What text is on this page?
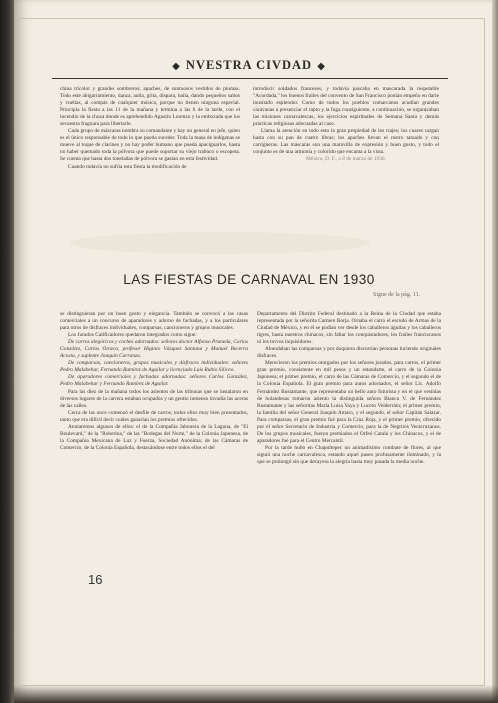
◆ NVESTRA CIVDAD ◆

china tricolor y grandes sombreros; apaches, de suntuosos vestidos de plumas. Todo este abigarramiento, danza, aulla, grita, dispara, baila, dando pequeños saltos y vueltas, al compás de cualquier música, porque no tienen ninguna especial. Principia la fiesta a las 11 de la mañana y termina a las 6 de la tarde, con el incendio de la choza donde es aprehendido Agustín Lorenzo y la embozada que los secuestra fraguara para libertarle.

Cada grupo de máscaras nombra su comandante y hay un general en jefe, quien es el único responsable de todo lo que pueda suceder. Toda la masa de indígenas se mueve al toque de clarines y no hay poder humano que pueda apaciguarlos, hasta no haber quemado toda la pólvora que puede soportar su viejo trabuco o escopeta. Se cuenta que hasta dos toneladas de pólvora se gastan en esta festividad.

Cuando todavía no sufría esta fiesta la modificación de

introducir soldados franceses, y todavía pascaba en mascarada la respetable "Acordada," los buenos frailes del convento de San Francisco ponían empeño en darle inusitado esplendor. Como de todos los pueblos comarcanos acudían grandes caravanas a presenciar el rapto y la fuga consiguiente, a continuación, se organizaban las misiones carnavalescas, los ejercicios espirituales de Semana Santa y demás prácticas religiosas adecuadas al caso.

Llama la atención en todo esto la gran propiedad de los trajes; los cuares cargan hasta con su pan de cuatro libras; los apaches llevan el rostro tatuado y con carrigueras. Las máscaras son una maravilla de expresión y buen gusto, y todo el conjunto es de una armonía y colorido que encanta a la vista.

México, D. F., a 8 de marzo de 1930.

LAS FIESTAS DE CARNAVAL EN 1930
Sigue de la pág. 11.

se distinguieran por un buen gusto y elegancia. También se convocó a las casas comerciales a un concurso de aparadores y adorno de fachadas, y a los particulares para otros de disfraces individuales, comparsas, cancioneros y grupos musicales.

Los Jurados Calificadores quedaron integrados como sigue:

De carros alegóricos y coches adornados: señores doctor Alfonso Pruneda, Carlos González, Carlos Orozco, profesor Higinio Vázquez Santana y Manuel Becerra Acosta, y suplente Joaquín Carranza.

De comparsas, cancioneros, grupos musicales y disfraces individuales: señores Pedro Malabehar, Fernando Ramírez de Aguilar y licenciado Luis Rubio Silíceo.

De aparadores comerciales y fachadas adornadas: señores Carlos González, Pedro Malabehar y Fernando Ramírez de Aguilar.

Para las diez de la mañana todos los asientos de las tribunas que se instalaron en diversos lugares de la carrera estaban ocupados y un gentío inmenso invadía las aceras de las calles.

Cerca de las once comenzó el desfile de carros, todos ellos muy bien presentados, tanto que era difícil decir cuáles ganarían los premios ofrecidos.

Anotaremos algunos de ellos: el de la Compañía Jabonera de la Laguna, de "El Boulevard," de la "Roberina," de las "Bodegas del Norte," de la Colonia Japonesa, de la Compañía Mexicana de Luz y Fuerza, Sociedad Anónima; de las Cámaras de Comercio, de la Colonia Española, destacándose entre todos ellos el del

Departamento del Distrito Federal destinado a la Reina de la Ciudad que estaba representada por la señorita Carmen Borja. Ornaba el carro el escudo de Armas de la Ciudad de México, y en él se podían ver desde los caballeros águilas y los caballeros tigres, hasta nuestros chinacos, sin faltar los conquistadores, los frailes franciscanos ni los torvos inquisidores.

Abundaban las comparsas y por doquiera discurrían personas luciendo originales disfraces.

Merecieron los premios otorgados por los señores jurados, para carros, el primer gran premio, consistente en mil pesos y un estandarte, el carro de la Colonia Japonesa; el primer premio, el carro de las Cámaras de Comercio, y el segundo el de la Colonia Española. El gran premio para autos adornados, el señor Lic. Adolfo Fernández Bustamante, que representaba un bello auto futurista y en el que vestidas de holandesas tomaron asiento la distinguida señora Blanca V. de Fernández Bustamante y las señoritas María Luisa Yaya y Lucero Velderráin; el primer premio, la familia del señor General Joaquín Amaro, y el segundo, el señor Capitán Salazar. Para comparsas, el gran premio fué para la Cruz Roja, y el primer premio, ofrecido por el señor Secretario de Industria y Comercio, para la de Negritos Veracruzanos. De los grupos musicales, fueron premiados el Orfeó Catalá y los Chinacos, y el de aparadores fué para el Centro Mercantil.

Por la tarde hubo en Chapultepec un animadísimo combate de flores, al que siguió una noche carnavalesca, estando aquel paseo profusamente iluminado, y la que se prolongó sin que decayera la alegría hasta muy pasada la media noche.

16
